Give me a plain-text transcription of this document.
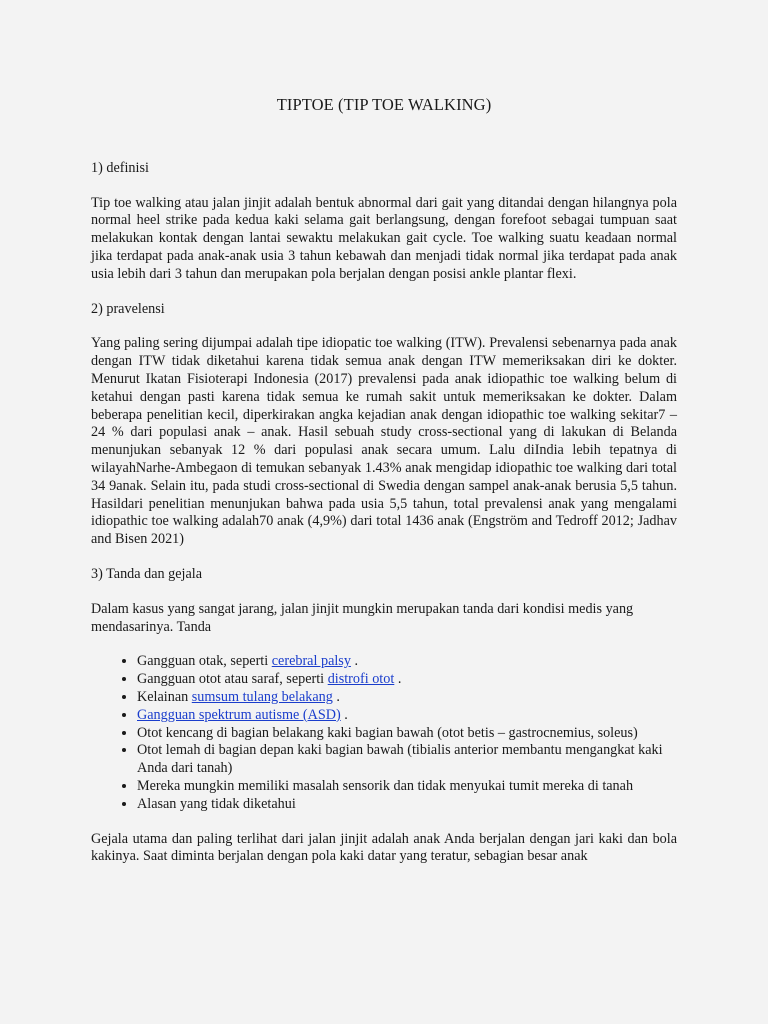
TIPTOE (TIP TOE WALKING)
1) definisi
Tip toe walking atau jalan jinjit adalah bentuk abnormal dari gait yang ditandai dengan hilangnya pola normal heel strike pada kedua kaki selama gait berlangsung, dengan forefoot sebagai tumpuan saat melakukan kontak dengan lantai sewaktu melakukan gait cycle. Toe walking suatu keadaan normal jika terdapat pada anak-anak usia 3 tahun kebawah dan menjadi tidak normal jika terdapat pada anak usia lebih dari 3 tahun dan merupakan pola berjalan dengan posisi ankle plantar flexi.
2) pravelensi
Yang paling sering dijumpai adalah tipe idiopatic toe walking (ITW). Prevalensi sebenarnya pada anak dengan ITW tidak diketahui karena tidak semua anak dengan ITW memeriksakan diri ke dokter. Menurut Ikatan Fisioterapi Indonesia (2017) prevalensi pada anak idiopathic toe walking belum di ketahui dengan pasti karena tidak semua ke rumah sakit untuk memeriksakan ke dokter. Dalam beberapa penelitian kecil, diperkirakan angka kejadian anak dengan idiopathic toe walking sekitar7 – 24 % dari populasi anak – anak. Hasil sebuah study cross-sectional yang di lakukan di Belanda menunjukan sebanyak 12 % dari populasi anak secara umum. Lalu diIndia lebih tepatnya di wilayahNarhe-Ambegaon di temukan sebanyak 1.43% anak mengidap idiopathic toe walking dari total 34 9anak. Selain itu, pada studi cross-sectional di Swedia dengan sampel anak-anak berusia 5,5 tahun. Hasildari penelitian menunjukan bahwa pada usia 5,5 tahun, total prevalensi anak yang mengalami idiopathic toe walking adalah70 anak (4,9%) dari total 1436 anak (Engström and Tedroff 2012; Jadhav and Bisen 2021)
3) Tanda dan gejala
Dalam kasus yang sangat jarang, jalan jinjit mungkin merupakan tanda dari kondisi medis yang mendasarinya. Tanda
• Gangguan otak, seperti cerebral palsy .
• Gangguan otot atau saraf, seperti distrofi otot .
• Kelainan sumsum tulang belakang .
• Gangguan spektrum autisme (ASD) .
• Otot kencang di bagian belakang kaki bagian bawah (otot betis – gastrocnemius, soleus)
• Otot lemah di bagian depan kaki bagian bawah (tibialis anterior membantu mengangkat kaki Anda dari tanah)
• Mereka mungkin memiliki masalah sensorik dan tidak menyukai tumit mereka di tanah
• Alasan yang tidak diketahui
Gejala utama dan paling terlihat dari jalan jinjit adalah anak Anda berjalan dengan jari kaki dan bola kakinya. Saat diminta berjalan dengan pola kaki datar yang teratur, sebagian besar anak
